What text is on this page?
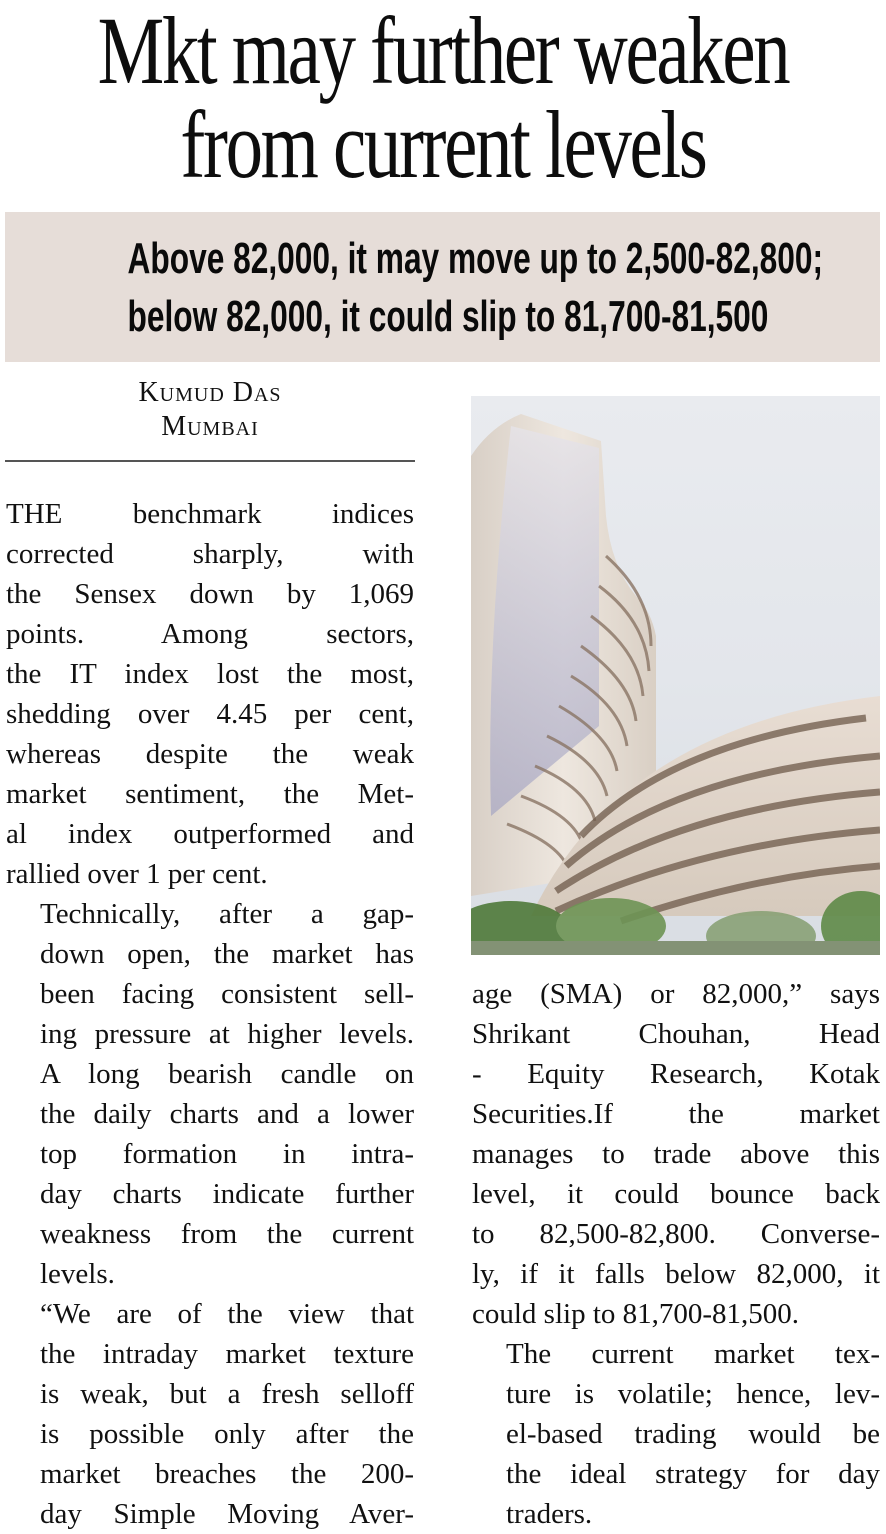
Mkt may further weaken
from current levels
Above 82,000, it may move up to 2,500-82,800;
below 82,000, it could slip to 81,700-81,500
Kumud Das
Mumbai

THE benchmark indices
corrected sharply, with
the Sensex down by 1,069
points. Among sectors,
the IT index lost the most,
shedding over 4.45 per cent,
whereas despite the weak
market sentiment, the Met-
al index outperformed and
rallied over 1 per cent.

Technically, after a gap-
down open, the market has
been facing consistent sell-
ing pressure at higher levels.
A long bearish candle on
the daily charts and a lower
top formation in intra-
day charts indicate further
weakness from the current
levels.

“We are of the view that
the intraday market texture
is weak, but a fresh selloff
is possible only after the
market breaches the 200-
day Simple Moving Aver-

age (SMA) or 82,000,” says
Shrikant Chouhan, Head
- Equity Research, Kotak
Securities.If the market
manages to trade above this
level, it could bounce back
to 82,500-82,800. Converse-
ly, if it falls below 82,000, it
could slip to 81,700-81,500.

The current market tex-
ture is volatile; hence, lev-
el-based trading would be
the ideal strategy for day
traders.
